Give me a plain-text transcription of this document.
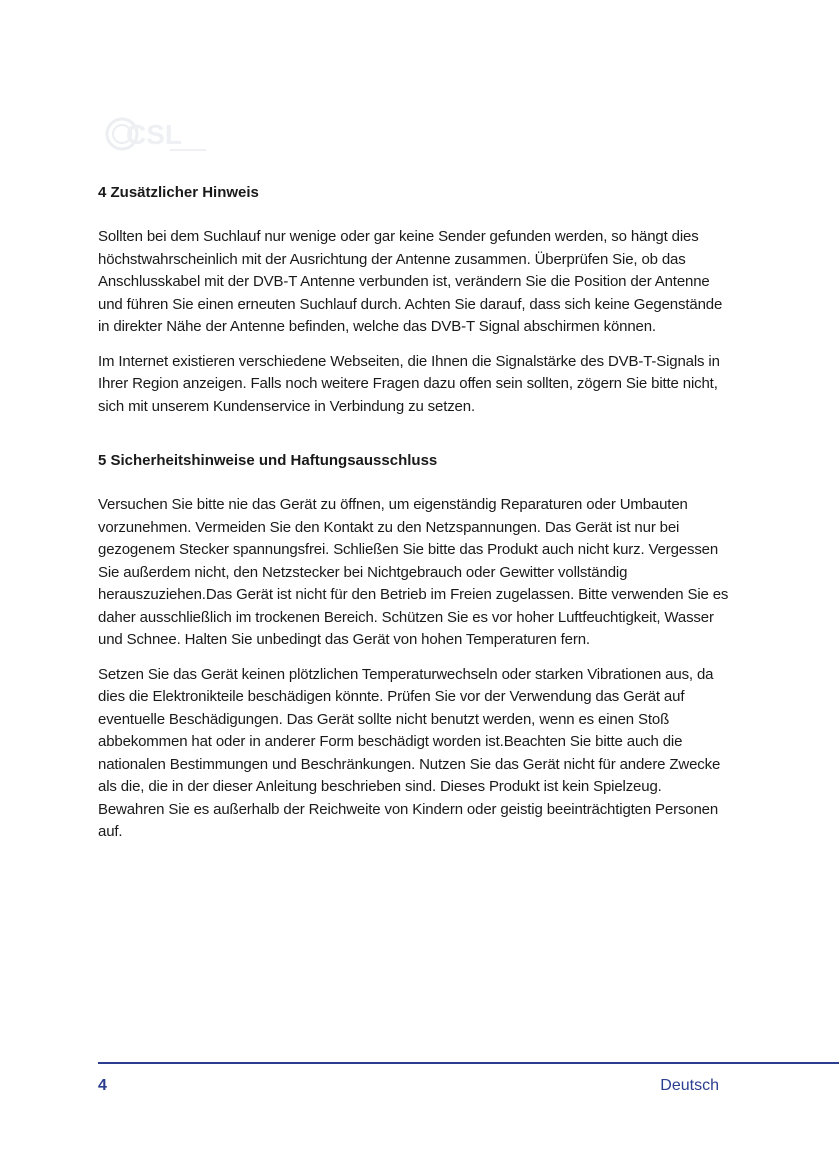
CSL
4 Zusätzlicher Hinweis

Sollten bei dem Suchlauf nur wenige oder gar keine Sender gefunden werden, so hängt dies höchstwahrscheinlich mit der Ausrichtung der Antenne zusammen. Überprüfen Sie, ob das Anschlusskabel mit der DVB-T Antenne verbunden ist, verändern Sie die Position der Antenne und führen Sie einen erneuten Suchlauf durch. Achten Sie darauf, dass sich keine Gegenstände in direkter Nähe der Antenne befinden, welche das DVB-T Signal abschirmen können.

Im Internet existieren verschiedene Webseiten, die Ihnen die Signalstärke des DVB-T-Signals in Ihrer Region anzeigen. Falls noch weitere Fragen dazu offen sein sollten, zögern Sie bitte nicht, sich mit unserem Kundenservice in Verbindung zu setzen.

5 Sicherheitshinweise und Haftungsausschluss

Versuchen Sie bitte nie das Gerät zu öffnen, um eigenständig Reparaturen oder Umbauten vorzunehmen. Vermeiden Sie den Kontakt zu den Netzspannungen. Das Gerät ist nur bei gezogenem Stecker spannungsfrei. Schließen Sie bitte das Produkt auch nicht kurz. Vergessen Sie außerdem nicht, den Netzstecker bei Nichtgebrauch oder Gewitter vollständig herauszuziehen.Das Gerät ist nicht für den Betrieb im Freien zugelassen. Bitte verwenden Sie es daher ausschließlich im trockenen Bereich. Schützen Sie es vor hoher Luftfeuchtigkeit, Wasser und Schnee. Halten Sie unbedingt das Gerät von hohen Temperaturen fern.

Setzen Sie das Gerät keinen plötzlichen Temperaturwechseln oder starken Vibrationen aus, da dies die Elektronikteile beschädigen könnte. Prüfen Sie vor der Verwendung das Gerät auf eventuelle Beschädigungen. Das Gerät sollte nicht benutzt werden, wenn es einen Stoß abbekommen hat oder in anderer Form beschädigt worden ist.Beachten Sie bitte auch die nationalen Bestimmungen und Beschränkungen. Nutzen Sie das Gerät nicht für andere Zwecke als die, die in der dieser Anleitung beschrieben sind. Dieses Produkt ist kein Spielzeug. Bewahren Sie es außerhalb der Reichweite von Kindern oder geistig beeinträchtigten Personen auf.

4	Deutsch
